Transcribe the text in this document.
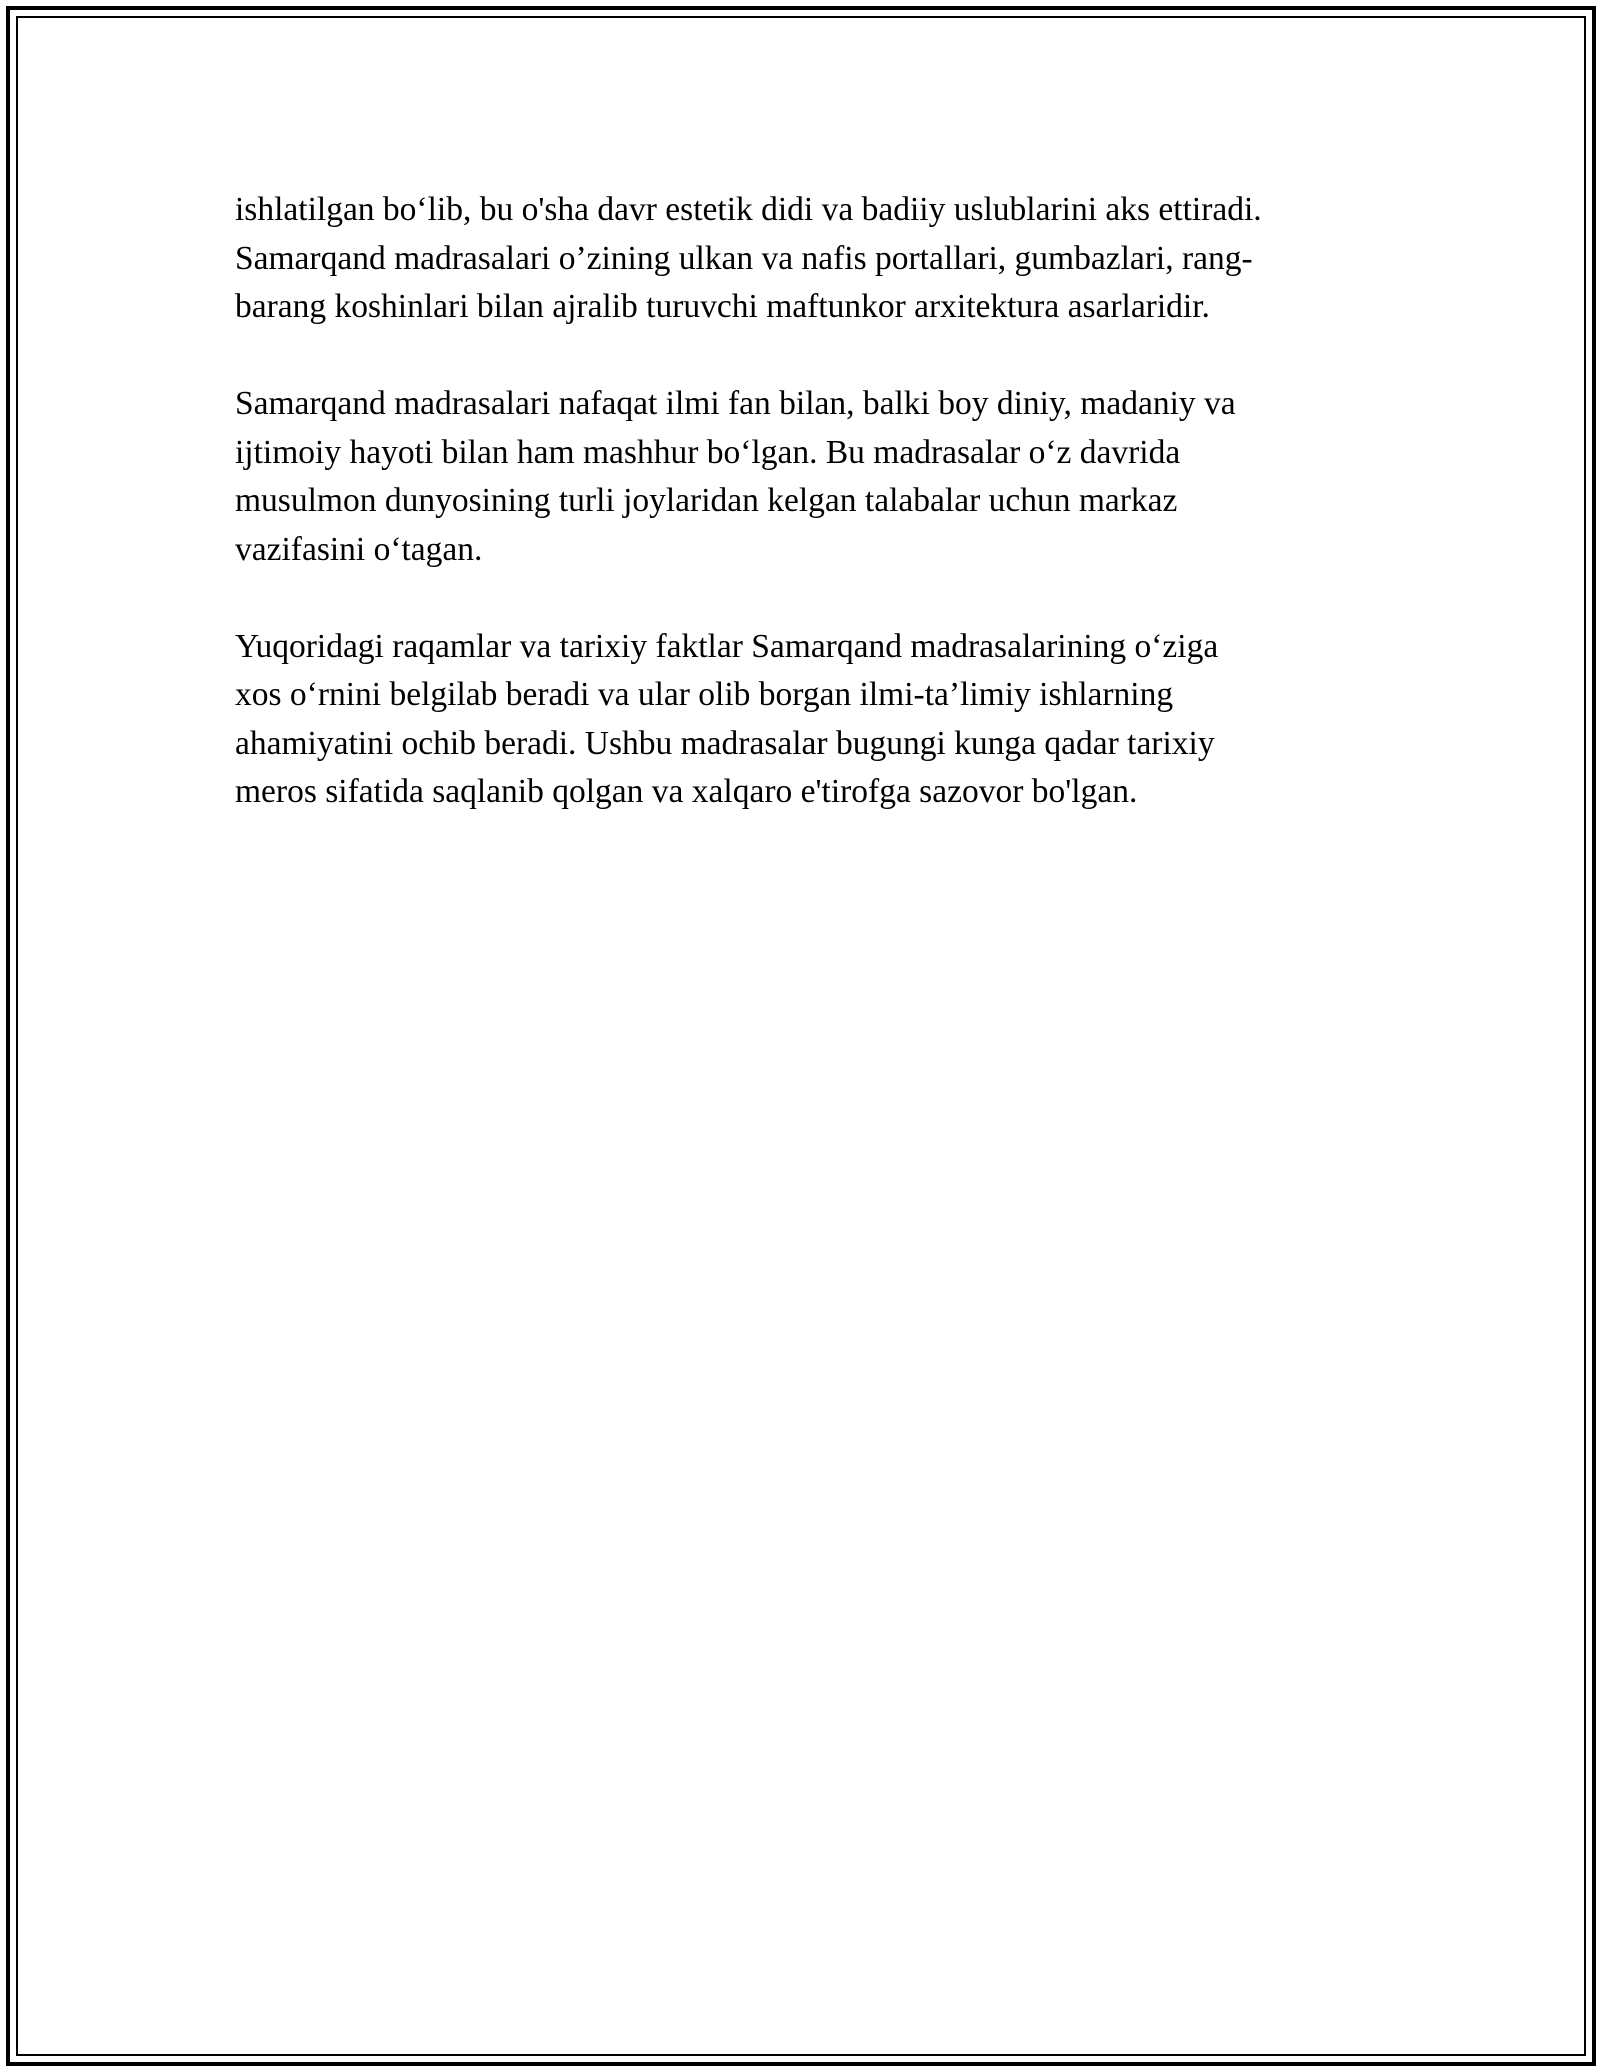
ishlatilgan bo‘lib, bu o'sha davr estetik didi va badiiy uslublarini aks ettiradi.
Samarqand madrasalari o’zining ulkan va nafis portallari, gumbazlari, rang-
barang koshinlari bilan ajralib turuvchi maftunkor arxitektura asarlaridir.

Samarqand madrasalari nafaqat ilmi fan bilan, balki boy diniy, madaniy va
ijtimoiy hayoti bilan ham mashhur bo‘lgan. Bu madrasalar o‘z davrida
musulmon dunyosining turli joylaridan kelgan talabalar uchun markaz
vazifasini o‘tagan.

Yuqoridagi raqamlar va tarixiy faktlar Samarqand madrasalarining o‘ziga
xos o‘rnini belgilab beradi va ular olib borgan ilmi-ta’limiy ishlarning
ahamiyatini ochib beradi. Ushbu madrasalar bugungi kunga qadar tarixiy
meros sifatida saqlanib qolgan va xalqaro e'tirofga sazovor bo'lgan.
